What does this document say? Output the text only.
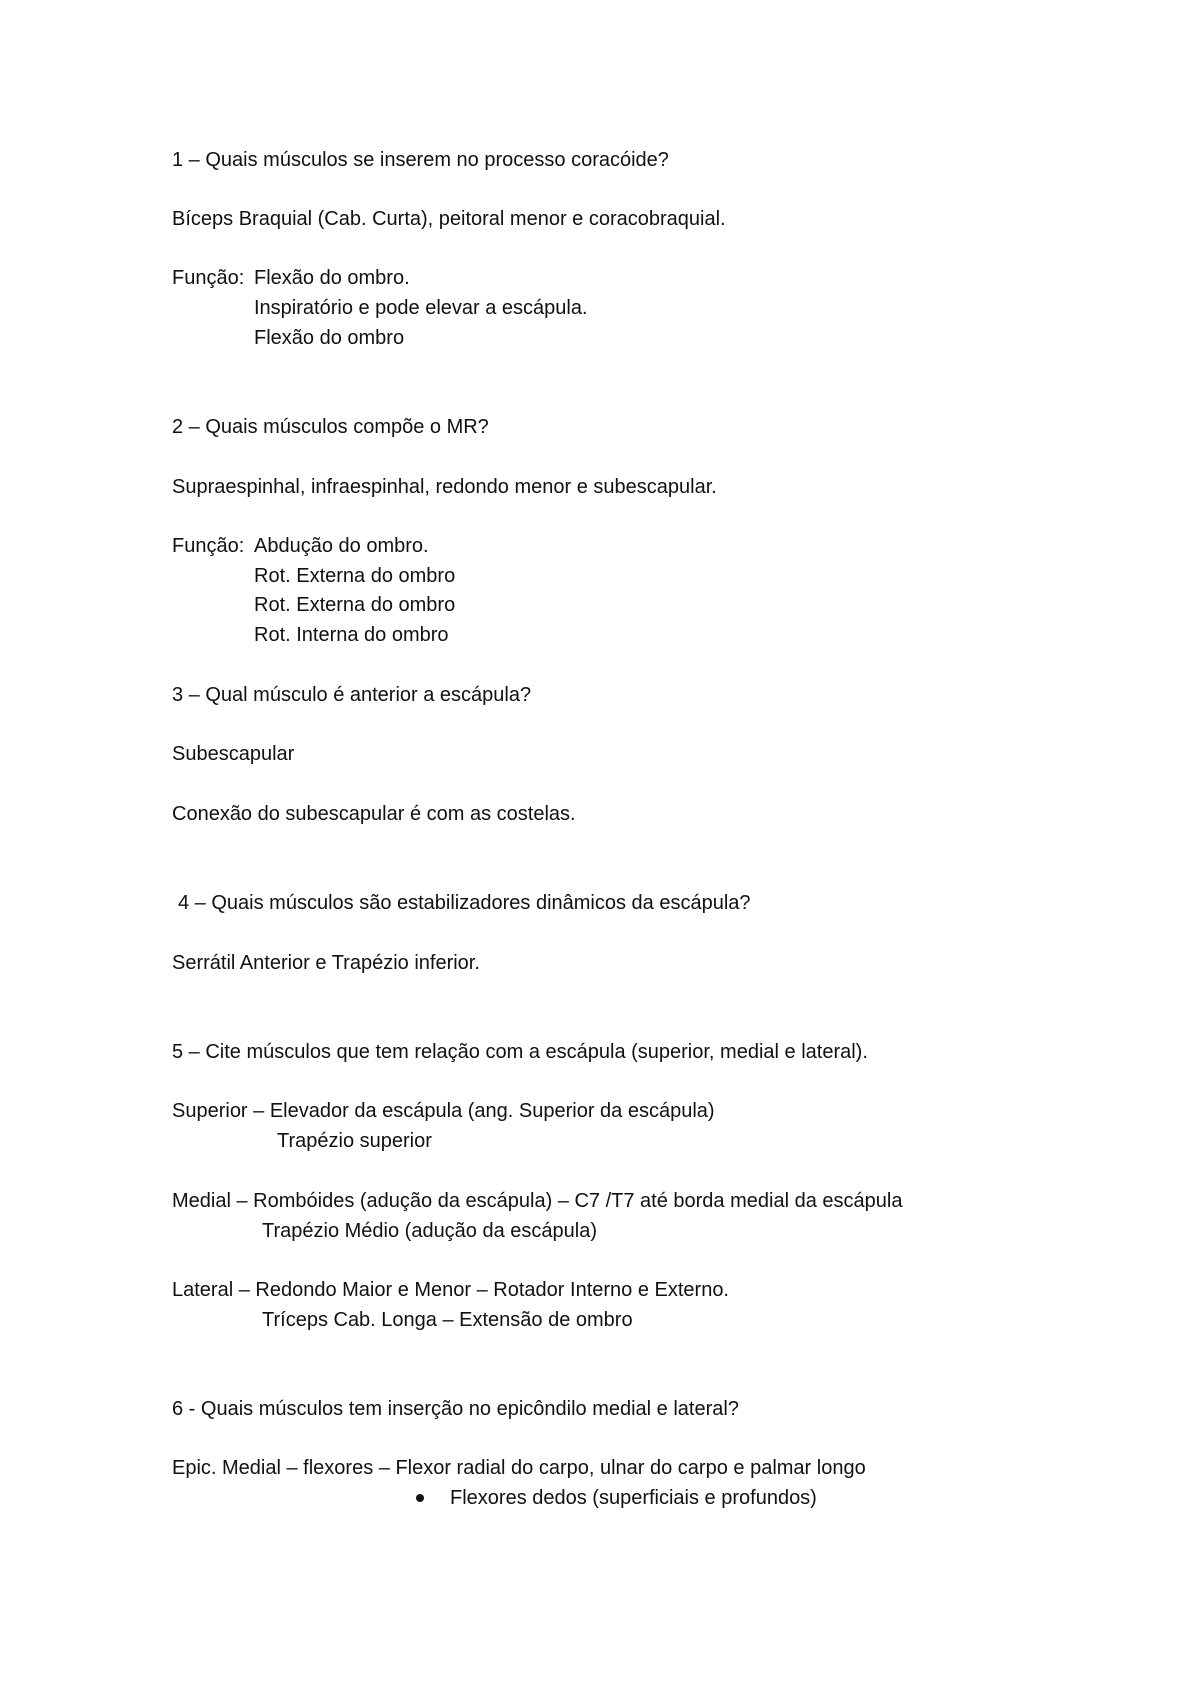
1 – Quais músculos se inserem no processo coracóide?
Bíceps Braquial (Cab. Curta), peitoral menor e coracobraquial.
Função: Flexão do ombro.
Inspiratório e pode elevar a escápula.
Flexão do ombro
2 – Quais músculos compõe o MR?
Supraespinhal, infraespinhal, redondo menor e subescapular.
Função: Abdução do ombro.
Rot. Externa do ombro
Rot. Externa do ombro
Rot. Interna do ombro
3 – Qual músculo é anterior a escápula?
Subescapular
Conexão do subescapular é com as costelas.
4 – Quais músculos são estabilizadores dinâmicos da escápula?
Serrátil Anterior e Trapézio inferior.
5 – Cite músculos que tem relação com a escápula (superior, medial e lateral).
Superior – Elevador da escápula (ang. Superior da escápula)
Trapézio superior
Medial – Rombóides (adução da escápula) – C7 /T7 até borda medial da escápula
Trapézio Médio (adução da escápula)
Lateral – Redondo Maior e Menor – Rotador Interno e Externo.
Tríceps Cab. Longa – Extensão de ombro
6 - Quais músculos tem inserção no epicôndilo medial e lateral?
Epic. Medial – flexores – Flexor radial do carpo, ulnar do carpo e palmar longo
Flexores dedos (superficiais e profundos)
